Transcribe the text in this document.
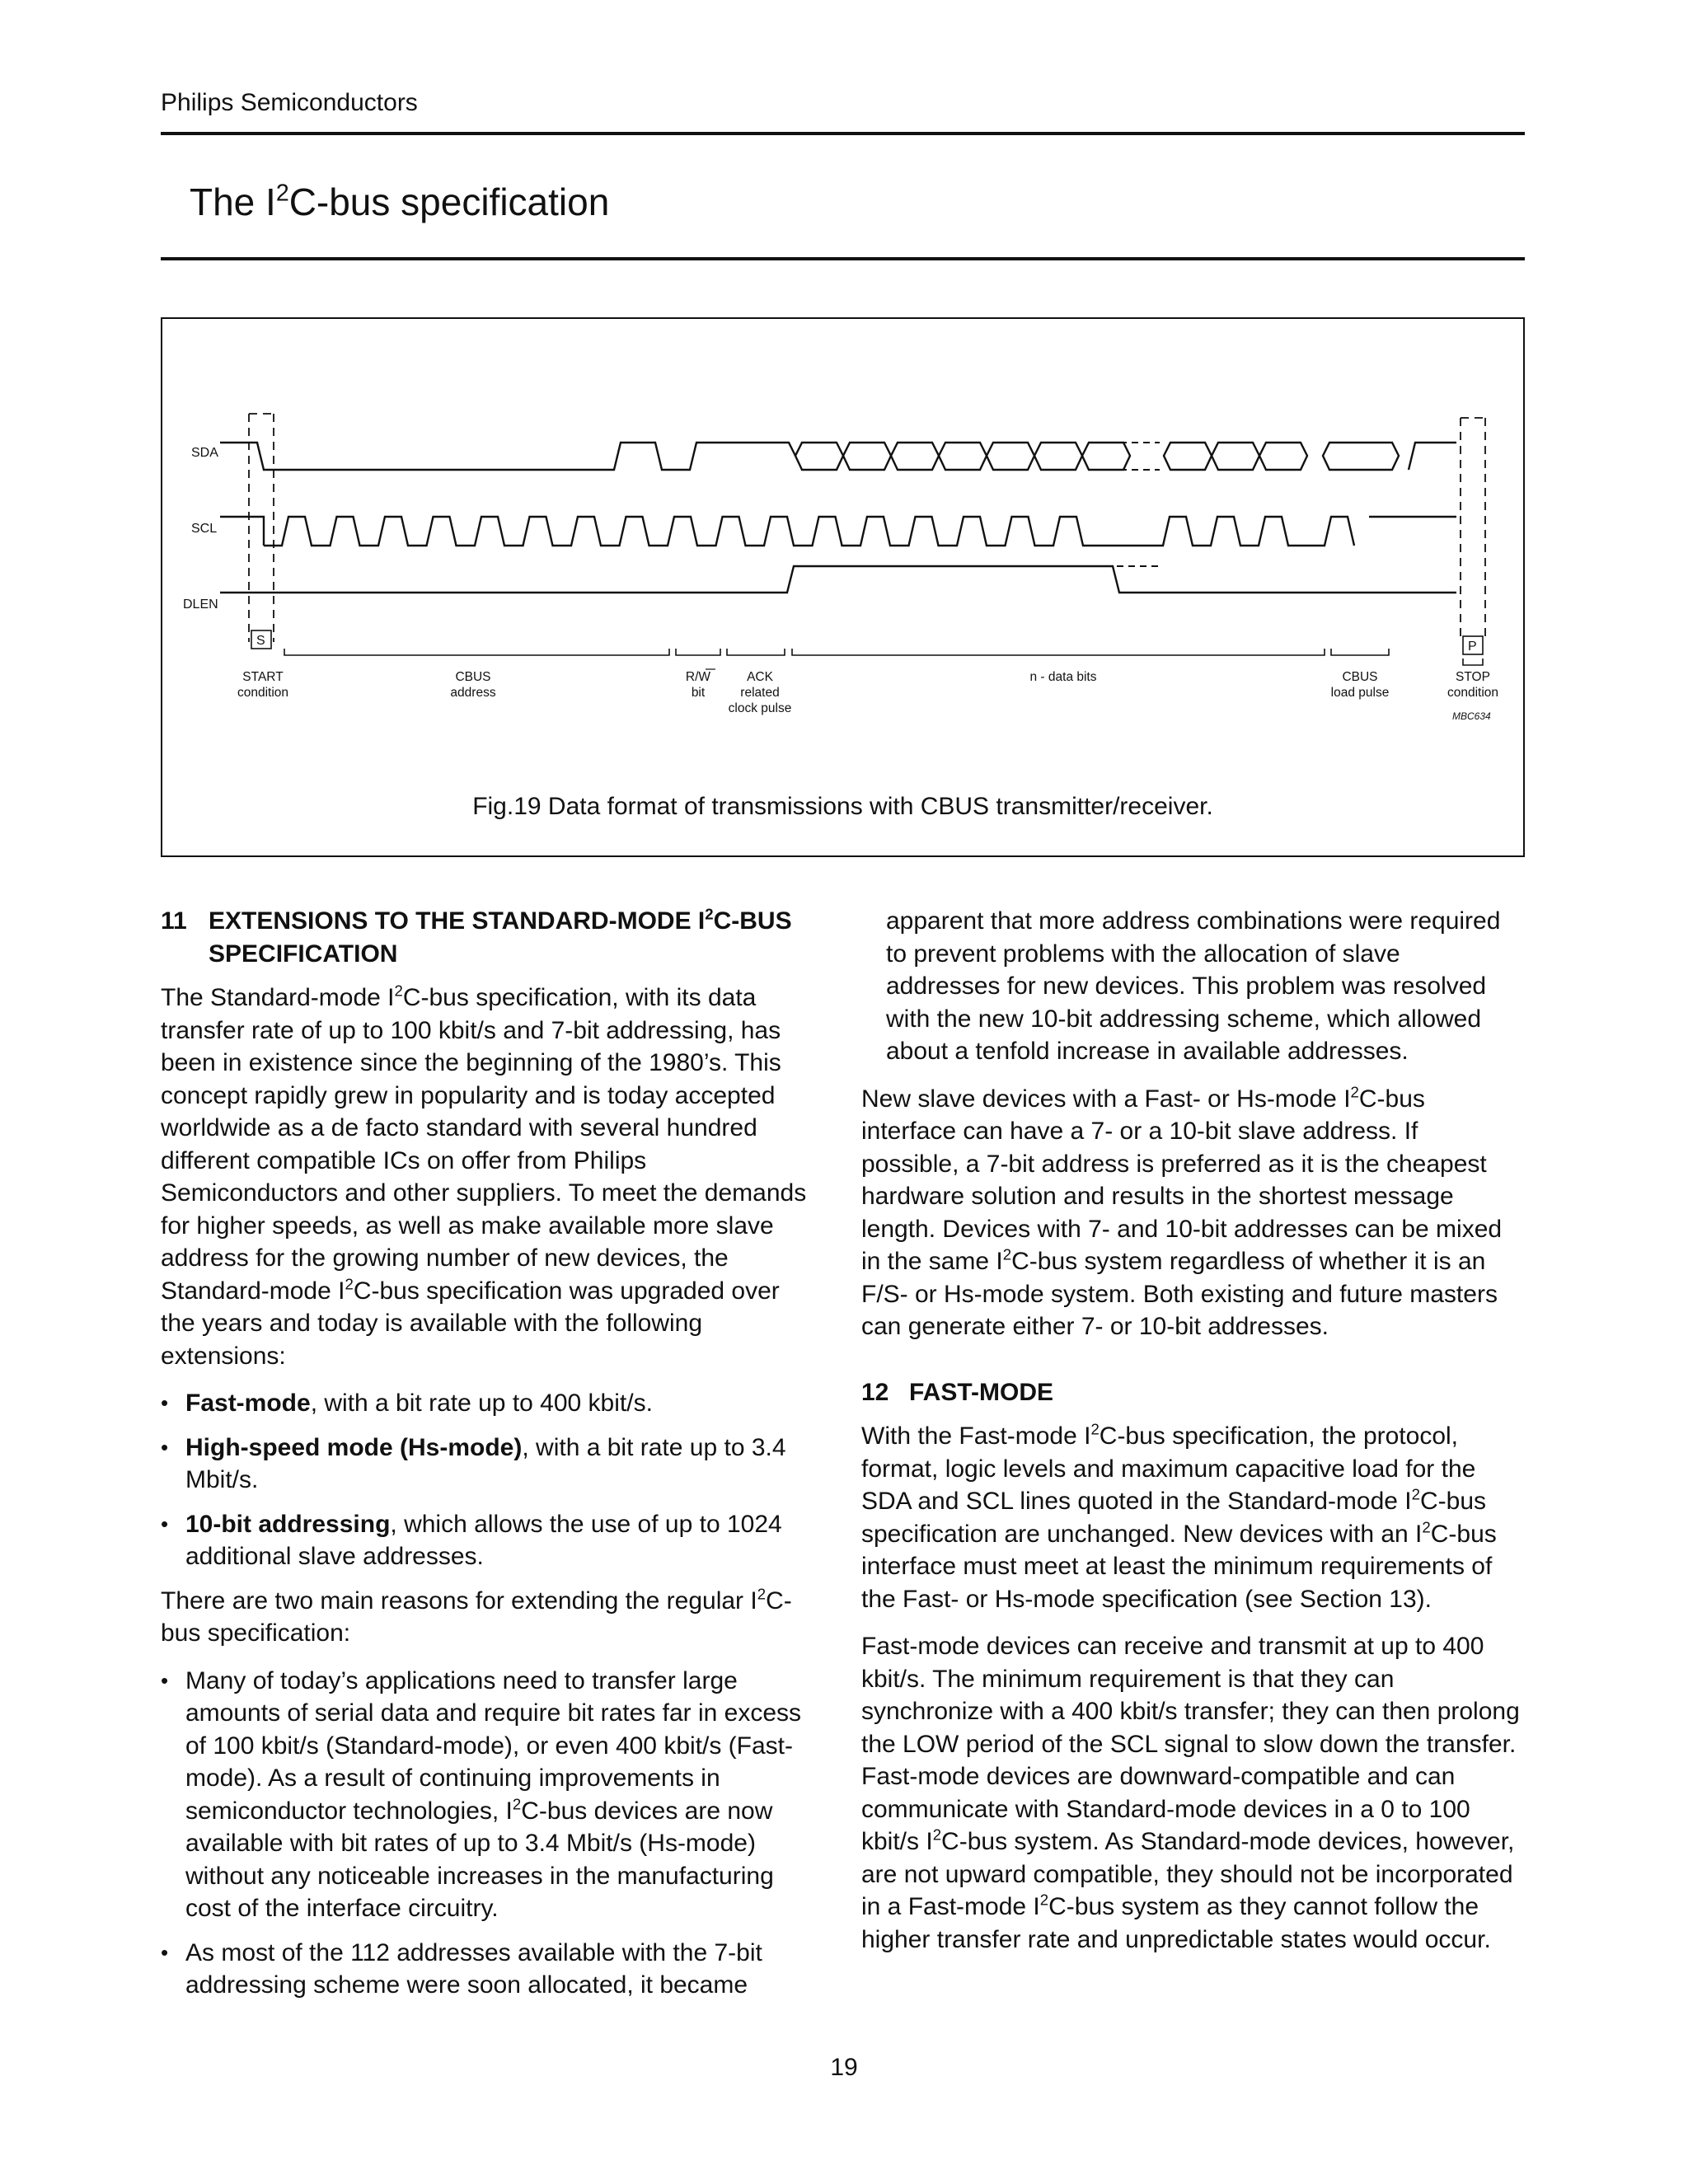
Philips Semiconductors
The $I^2C$-bus specification
SDA
SCL
DLEN
S	P
START
condition
CBUS
address
R/W
bit
ACK
related
clock pulse
n - data bits	CBUS
load pulse
STOP
condition
MBC634
Fig.19 Data format of transmissions with CBUS transmitter/receiver.
11 EXTENSIONS TO THE STANDARD-MODE $I^2C$-BUS SPECIFICATION

The Standard-mode $I^2C$-bus specification, with its data transfer rate of up to 100 kbit/s and 7-bit addressing, has been in existence since the beginning of the 1980’s. This concept rapidly grew in popularity and is today accepted worldwide as a de facto standard with several hundred different compatible ICs on offer from Philips Semiconductors and other suppliers. To meet the demands for higher speeds, as well as make available more slave address for the growing number of new devices, the Standard-mode $I^2C$-bus specification was upgraded over the years and today is available with the following extensions:

• Fast-mode, with a bit rate up to 400 kbit/s.
• High-speed mode (Hs-mode), with a bit rate up to 3.4 Mbit/s.
• 10-bit addressing, which allows the use of up to 1024 additional slave addresses.

There are two main reasons for extending the regular $I^2C$-bus specification:

• Many of today’s applications need to transfer large amounts of serial data and require bit rates far in excess of 100 kbit/s (Standard-mode), or even 400 kbit/s (Fast-mode). As a result of continuing improvements in semiconductor technologies, $I^2C$-bus devices are now available with bit rates of up to 3.4 Mbit/s (Hs-mode) without any noticeable increases in the manufacturing cost of the interface circuitry.
• As most of the 112 addresses available with the 7-bit addressing scheme were soon allocated, it became

apparent that more address combinations were required to prevent problems with the allocation of slave addresses for new devices. This problem was resolved with the new 10-bit addressing scheme, which allowed about a tenfold increase in available addresses.

New slave devices with a Fast- or Hs-mode $I^2C$-bus interface can have a 7- or a 10-bit slave address. If possible, a 7-bit address is preferred as it is the cheapest hardware solution and results in the shortest message length. Devices with 7- and 10-bit addresses can be mixed in the same $I^2C$-bus system regardless of whether it is an F/S- or Hs-mode system. Both existing and future masters can generate either 7- or 10-bit addresses.

12 FAST-MODE

With the Fast-mode $I^2C$-bus specification, the protocol, format, logic levels and maximum capacitive load for the SDA and SCL lines quoted in the Standard-mode $I^2C$-bus specification are unchanged. New devices with an $I^2C$-bus interface must meet at least the minimum requirements of the Fast- or Hs-mode specification (see Section 13).

Fast-mode devices can receive and transmit at up to 400 kbit/s. The minimum requirement is that they can synchronize with a 400 kbit/s transfer; they can then prolong the LOW period of the SCL signal to slow down the transfer. Fast-mode devices are downward-compatible and can communicate with Standard-mode devices in a 0 to 100 kbit/s $I^2C$-bus system. As Standard-mode devices, however, are not upward compatible, they should not be incorporated in a Fast-mode $I^2C$-bus system as they cannot follow the higher transfer rate and unpredictable states would occur.

19
